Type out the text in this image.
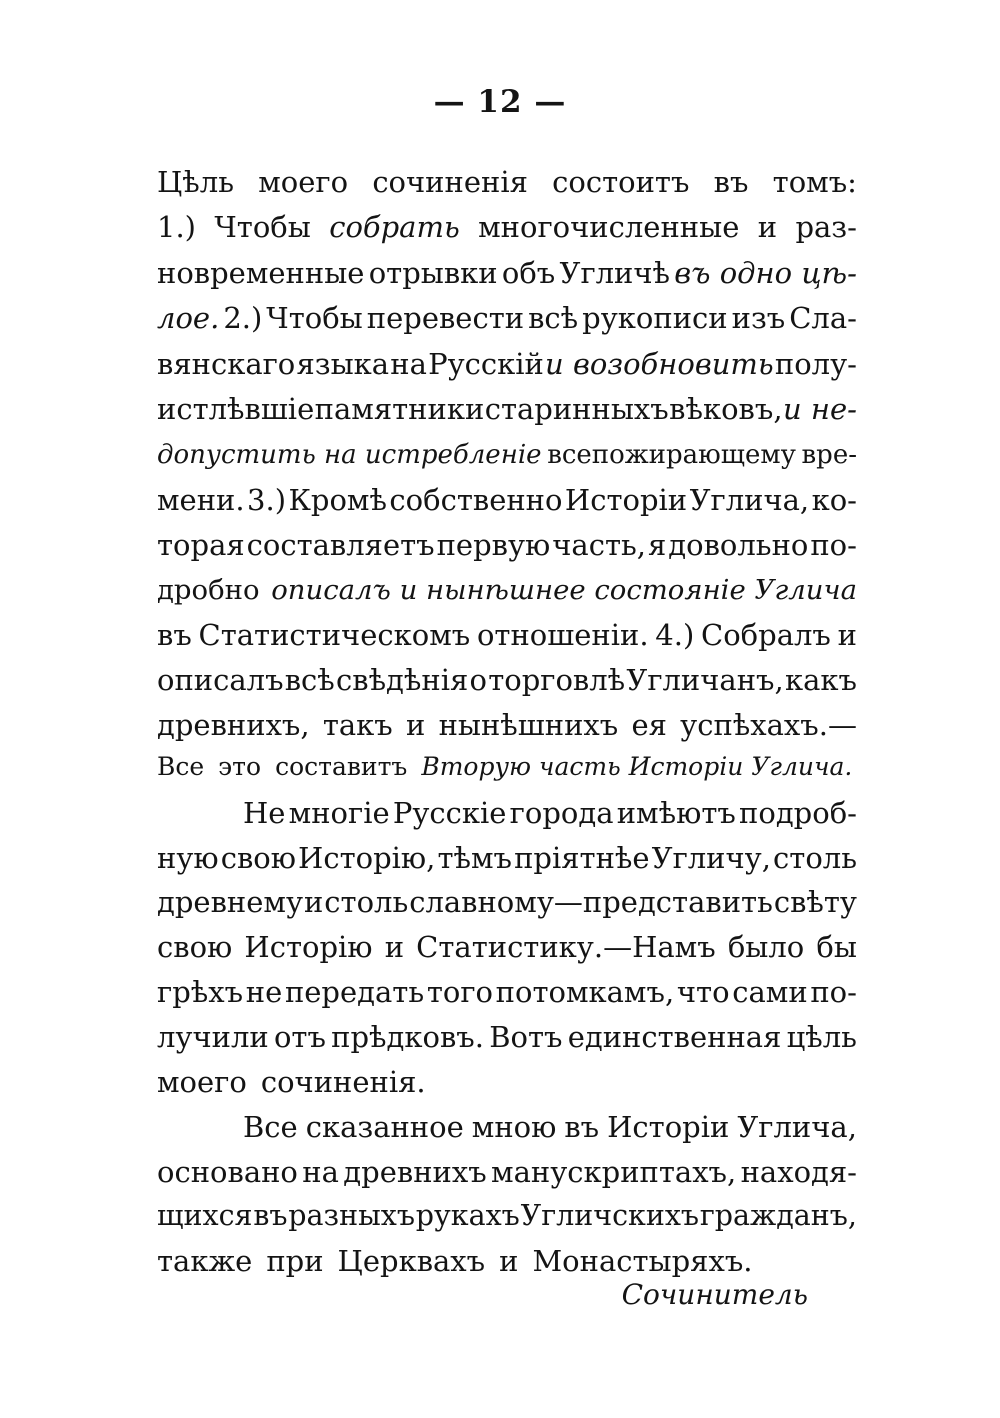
— 12 —
Цѣль моего сочиненія состоитъ въ томъ:
1.) Чтобы собрать многочисленные и раз-
новременные отрывки объ Угличѣ въ одно цѣ-
лое. 2.) Чтобы перевести всѣ рукописи изъ Сла-
вянскаго языка на Русскій и возобновить полу-
истлѣвшіе памятники старинныхъ вѣковъ, и не-
допустить на истребленіе всепожирающему вре-
мени. 3.) Кромѣ собственно Исторіи Углича, ко-
торая составляетъ первую часть, я довольно по-
дробно описалъ и нынѣшнее состояніе Углича
въ Статистическомъ отношеніи. 4.) Собралъ и
описалъ всѣ свѣдѣнія о торговлѣ Угличанъ, какъ
древнихъ, такъ и нынѣшнихъ ея успѣхахъ.—
Все это составитъ Вторую часть Исторіи Углича.
Не многіе Русскіе города имѣютъ подроб-
ную свою Исторію, тѣмъ пріятнѣе Угличу, столь
древнему и столь славному—представить свѣту
свою Исторію и Статистику.—Намъ было бы
грѣхъ не передать того потомкамъ, что сами по-
лучили отъ прѣдковъ. Вотъ единственная цѣль
моего сочиненія.
Все сказанное мною въ Исторіи Углича,
основано на древнихъ манускриптахъ, находя-
щихся въ разныхъ рукахъ Угличскихъ гражданъ,
также при Церквахъ и Монастыряхъ.
Сочинитель
